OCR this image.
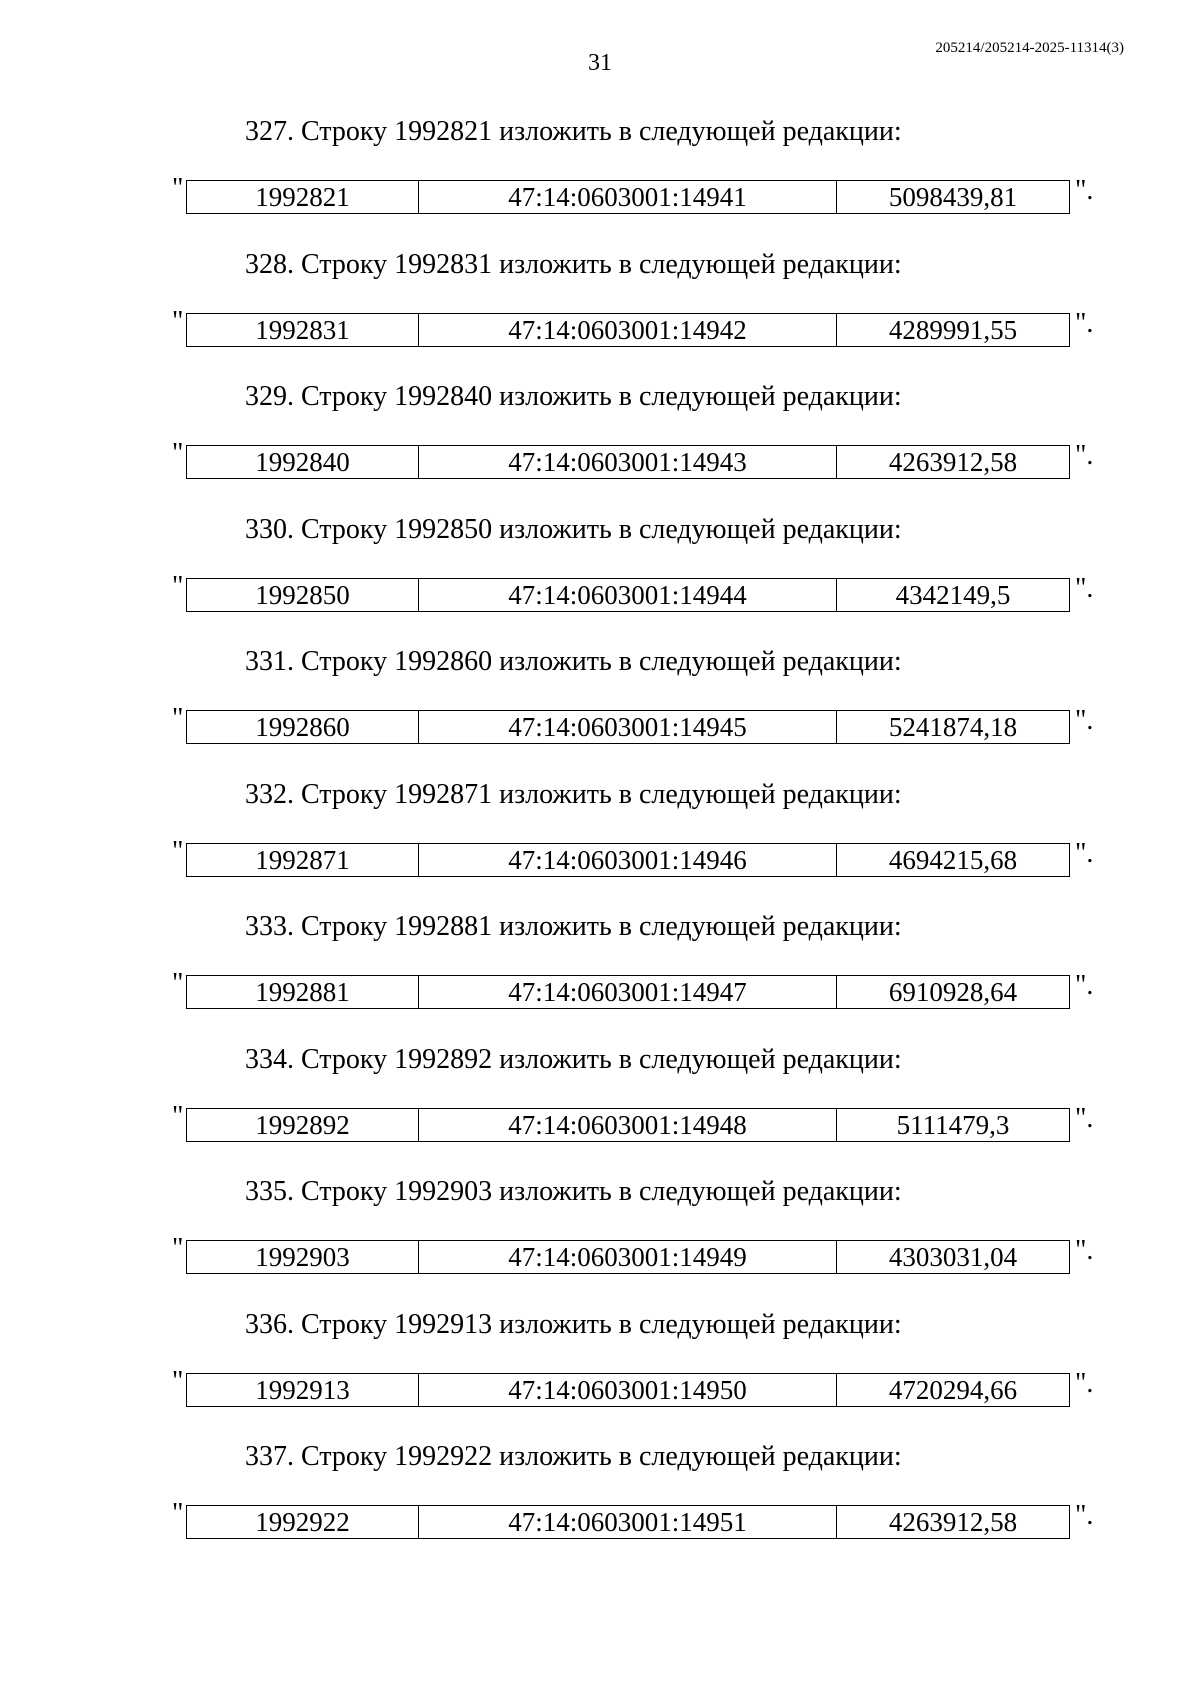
31
205214/205214-2025-11314(3)
327. Строку 1992821 изложить в следующей редакции:
"	1992821	47:14:0603001:14941	5098439,81 ".
328. Строку 1992831 изложить в следующей редакции:
"	1992831	47:14:0603001:14942	4289991,55 ".
329. Строку 1992840 изложить в следующей редакции:
"	1992840	47:14:0603001:14943	4263912,58 ".
330. Строку 1992850 изложить в следующей редакции:
"	1992850	47:14:0603001:14944	4342149,5 ".
331. Строку 1992860 изложить в следующей редакции:
"	1992860	47:14:0603001:14945	5241874,18 ".
332. Строку 1992871 изложить в следующей редакции:
"	1992871	47:14:0603001:14946	4694215,68 ".
333. Строку 1992881 изложить в следующей редакции:
"	1992881	47:14:0603001:14947	6910928,64 ".
334. Строку 1992892 изложить в следующей редакции:
"	1992892	47:14:0603001:14948	5111479,3 ".
335. Строку 1992903 изложить в следующей редакции:
"	1992903	47:14:0603001:14949	4303031,04 ".
336. Строку 1992913 изложить в следующей редакции:
"	1992913	47:14:0603001:14950	4720294,66 ".
337. Строку 1992922 изложить в следующей редакции:
"	1992922	47:14:0603001:14951	4263912,58 ".
